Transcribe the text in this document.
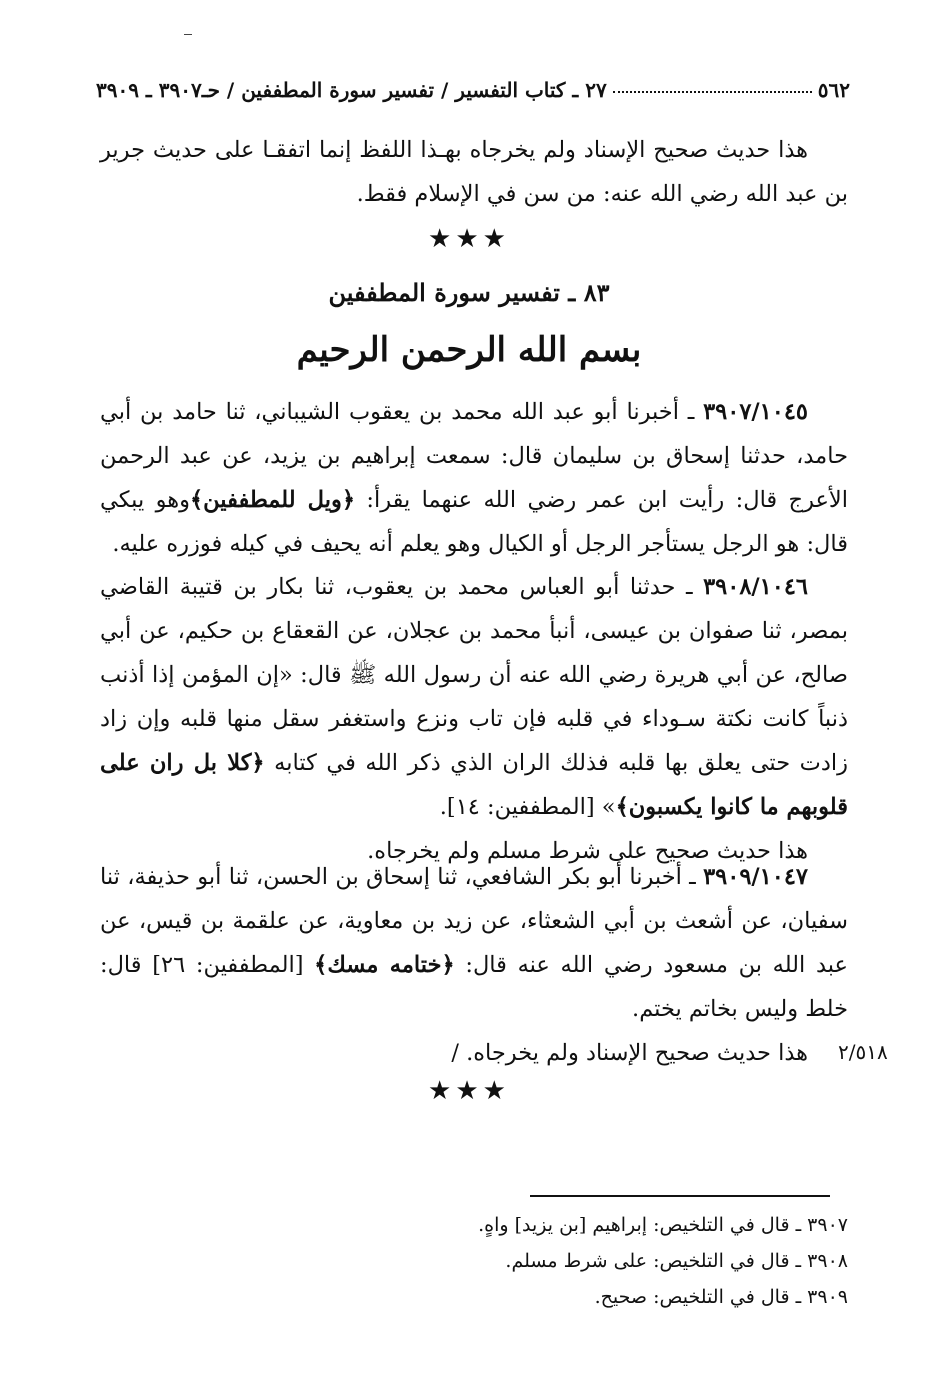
٥٦٢
٢٧ ـ كتاب التفسير / تفسير سورة المطففين / حـ٣٩٠٧ ـ ٣٩٠٩

هذا حديث صحيح الإسناد ولم يخرجاه بهـذا اللفظ إنما اتفقـا على حديث جرير بن عبد الله رضي الله عنه: من سن في الإسلام فقط.

★★★
٨٣ ـ تفسير سورة المطففين
بسم الله الرحمن الرحيم

٣٩٠٧/١٠٤٥ ـ أخبرنا أبو عبد الله محمد بن يعقوب الشيباني، ثنا حامد بن أبي حامد، حدثنا إسحاق بن سليمان قال: سمعت إبراهيم بن يزيد، عن عبد الرحمن الأعرج قال: رأيت ابن عمر رضي الله عنهما يقرأ: ﴿ويل للمطففين﴾وهو يبكي قال: هو الرجل يستأجر الرجل أو الكيال وهو يعلم أنه يحيف في كيله فوزره عليه.

٣٩٠٨/١٠٤٦ ـ حدثنا أبو العباس محمد بن يعقوب، ثنا بكار بن قتيبة القاضي بمصر، ثنا صفوان بن عيسى، أنبأ محمد بن عجلان، عن القعقاع بن حكيم، عن أبي صالح، عن أبي هريرة رضي الله عنه أن رسول الله ﷺ قال: «إن المؤمن إذا أذنب ذنباً كانت نكتة سـوداء في قلبه فإن تاب ونزع واستغفر سقل منها قلبه وإن زاد زادت حتى يعلق بها قلبه فذلك الران الذي ذكر الله في كتابه ﴿كلا بل ران على قلوبهم ما كانوا يكسبون﴾» [المطففين: ١٤].

هذا حديث صحيح على شرط مسلم ولم يخرجاه.

٣٩٠٩/١٠٤٧ ـ أخبرنا أبو بكر الشافعي، ثنا إسحاق بن الحسن، ثنا أبو حذيفة، ثنا سفيان، عن أشعث بن أبي الشعثاء، عن زيد بن معاوية، عن علقمة بن قيس، عن عبد الله بن مسعود رضي الله عنه قال: ﴿ختامه مسك﴾ [المطففين: ٢٦] قال: خلط وليس بخاتم يختم.

هذا حديث صحيح الإسناد ولم يخرجاه. /	٢/٥١٨
★★★
٣٩٠٧ ـ قال في التلخيص: إبراهيم [بن يزيد] واهٍ.
٣٩٠٨ ـ قال في التلخيص: على شرط مسلم.
٣٩٠٩ ـ قال في التلخيص: صحيح.
